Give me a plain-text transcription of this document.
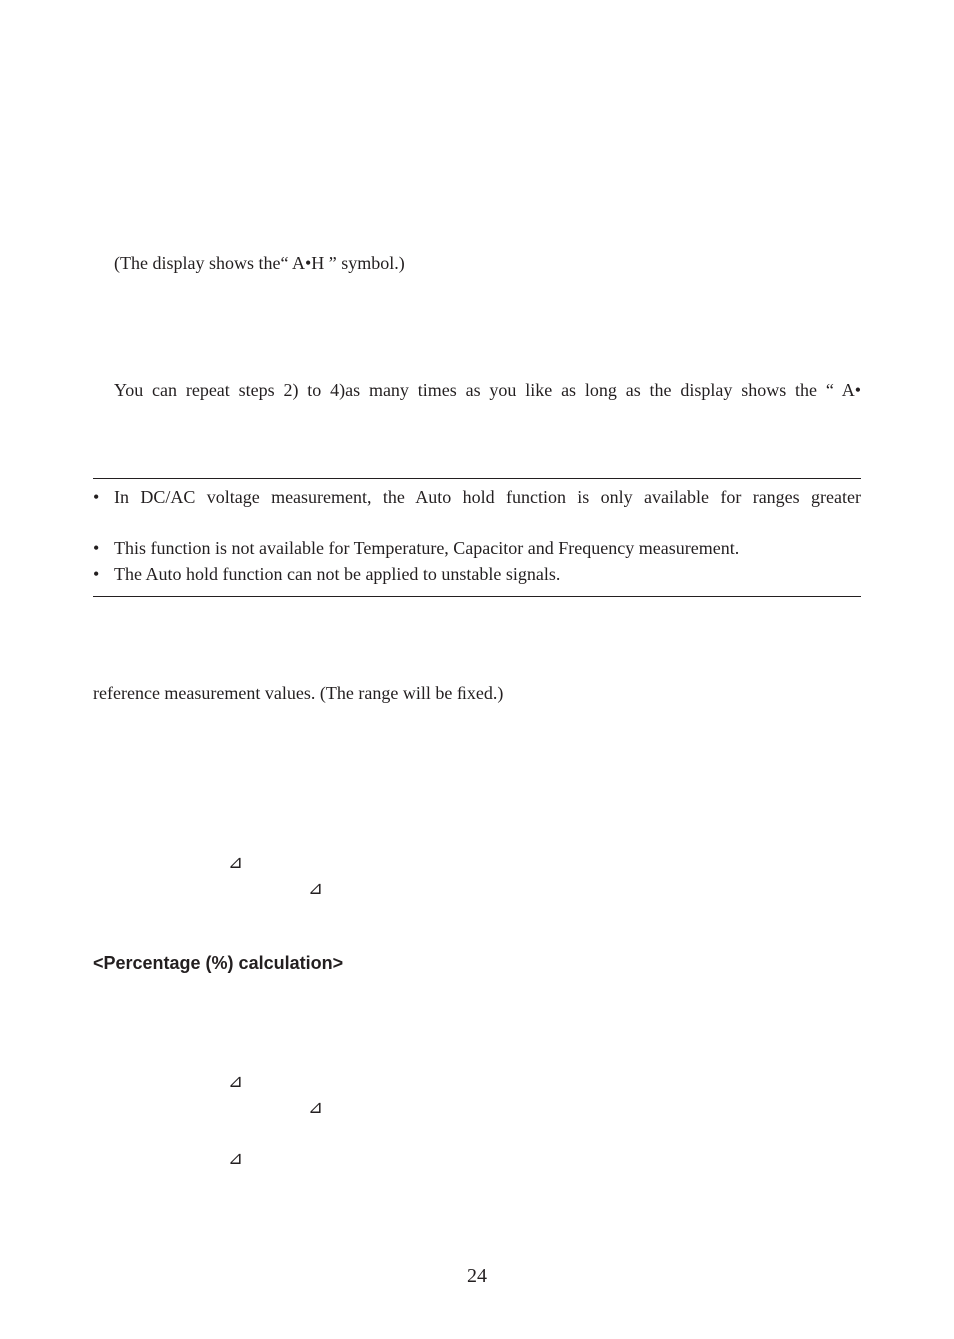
(The display shows the“ A•H ” symbol.)
You can repeat steps 2) to 4)as many times as you like as long as the display shows the “ A•
• In DC/AC voltage measurement, the Auto hold function is only available for ranges greater
• This function is not available for Temperature, Capacitor and Frequency measurement.
• The Auto hold function can not be applied to unstable signals.
reference measurement values. (The range will be ﬁxed.)
⊿
⊿
<Percentage (%) calculation>
⊿
⊿
⊿
24
